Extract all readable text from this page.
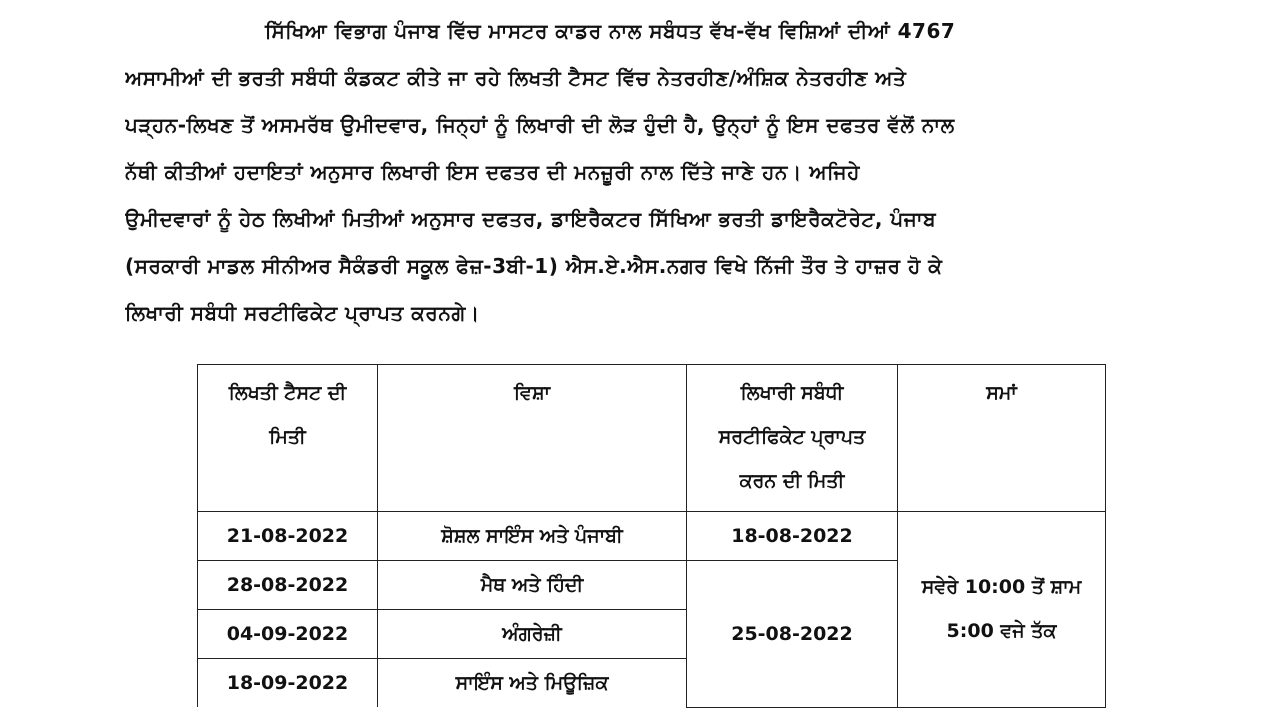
ਸਿੱਖਿਆ ਵਿਭਾਗ ਪੰਜਾਬ ਵਿੱਚ ਮਾਸਟਰ ਕਾਡਰ ਨਾਲ ਸਬੰਧਤ ਵੱਖ-ਵੱਖ ਵਿਸ਼ਿਆਂ ਦੀਆਂ 4767
ਅਸਾਮੀਆਂ ਦੀ ਭਰਤੀ ਸਬੰਧੀ ਕੰਡਕਟ ਕੀਤੇ ਜਾ ਰਹੇ ਲਿਖਤੀ ਟੈਸਟ ਵਿੱਚ ਨੇਤਰਹੀਣ/ਅੰਸ਼ਿਕ ਨੇਤਰਹੀਣ ਅਤੇ
ਪੜ੍ਹਨ-ਲਿਖਣ ਤੋਂ ਅਸਮਰੱਥ ਉਮੀਦਵਾਰ, ਜਿਨ੍ਹਾਂ ਨੂੰ ਲਿਖਾਰੀ ਦੀ ਲੋੜ ਹੁੰਦੀ ਹੈ, ਉਨ੍ਹਾਂ ਨੂੰ ਇਸ ਦਫਤਰ ਵੱਲੋਂ ਨਾਲ
ਨੱਥੀ ਕੀਤੀਆਂ ਹਦਾਇਤਾਂ ਅਨੁਸਾਰ ਲਿਖਾਰੀ ਇਸ ਦਫਤਰ ਦੀ ਮਨਜ਼ੂਰੀ ਨਾਲ ਦਿੱਤੇ ਜਾਣੇ ਹਨ। ਅਜਿਹੇ
ਉਮੀਦਵਾਰਾਂ ਨੂੰ ਹੇਠ ਲਿਖੀਆਂ ਮਿਤੀਆਂ ਅਨੁਸਾਰ ਦਫਤਰ, ਡਾਇਰੈਕਟਰ ਸਿੱਖਿਆ ਭਰਤੀ ਡਾਇਰੈਕਟੋਰੇਟ, ਪੰਜਾਬ
(ਸਰਕਾਰੀ ਮਾਡਲ ਸੀਨੀਅਰ ਸੈਕੰਡਰੀ ਸਕੂਲ ਫੇਜ਼-3ਬੀ-1) ਐਸ.ਏ.ਐਸ.ਨਗਰ ਵਿਖੇ ਨਿੱਜੀ ਤੌਰ ਤੇ ਹਾਜ਼ਰ ਹੋ ਕੇ
ਲਿਖਾਰੀ ਸਬੰਧੀ ਸਰਟੀਫਿਕੇਟ ਪ੍ਰਾਪਤ ਕਰਨਗੇ।
ਲਿਖਤੀ ਟੈਸਟ ਦੀ
ਮਿਤੀ	ਵਿਸ਼ਾ	ਲਿਖਾਰੀ ਸਬੰਧੀ
ਸਰਟੀਫਿਕੇਟ ਪ੍ਰਾਪਤ
ਕਰਨ ਦੀ ਮਿਤੀ	ਸਮਾਂ

21-08-2022	ਸ਼ੋਸ਼ਲ ਸਾਇੰਸ ਅਤੇ ਪੰਜਾਬੀ	18-08-2022	ਸਵੇਰੇ 10:00 ਤੋਂ ਸ਼ਾਮ
5:00 ਵਜੇ ਤੱਕ

28-08-2022	ਮੈਥ ਅਤੇ ਹਿੰਦੀ	25-08-2022	
04-09-2022	ਅੰਗਰੇਜ਼ੀ		
18-09-2022	ਸਾਇੰਸ ਅਤੇ ਮਿਊਜ਼ਿਕ		
